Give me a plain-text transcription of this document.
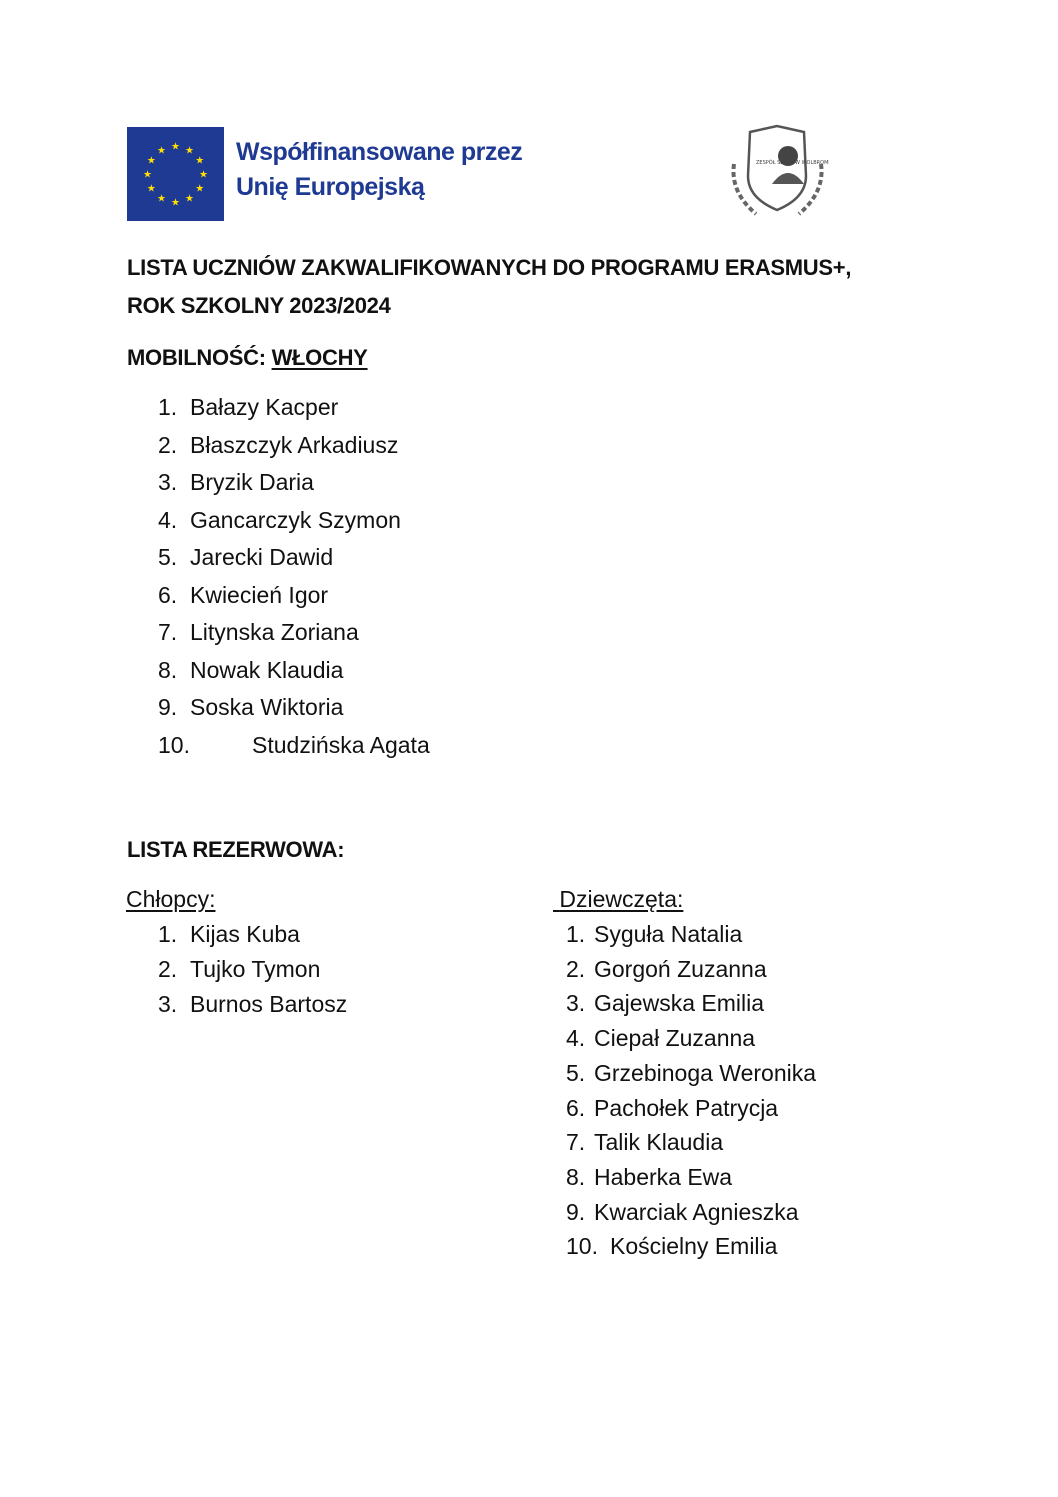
★ ★
★
★
★
★
★
★
★
★
★
★	Współfinansowane przez
Unię Europejską
ZESPÓŁ SZKÓŁ W WOLBROMIU
LISTA UCZNIÓW ZAKWALIFIKOWANYCH DO PROGRAMU ERASMUS+,
ROK SZKOLNY 2023/2024
MOBILNOŚĆ: WŁOCHY
1. Bałazy Kacper
2. Błaszczyk Arkadiusz
3. Bryzik Daria
4. Gancarczyk Szymon
5. Jarecki Dawid
6. Kwiecień Igor
7. Litynska Zoriana
8. Nowak Klaudia
9. Soska Wiktoria
10.	Studzińska Agata
LISTA REZERWOWA:
Chłopcy:	Dziewczęta:
1. Kijas Kuba
2. Tujko Tymon
3. Burnos Bartosz
1. Syguła Natalia
2. Gorgoń Zuzanna
3. Gajewska Emilia
4. Ciepał Zuzanna
5. Grzebinoga Weronika
6. Pachołek Patrycja
7. Talik Klaudia
8. Haberka Ewa
9. Kwarciak Agnieszka
10. Kościelny Emilia
